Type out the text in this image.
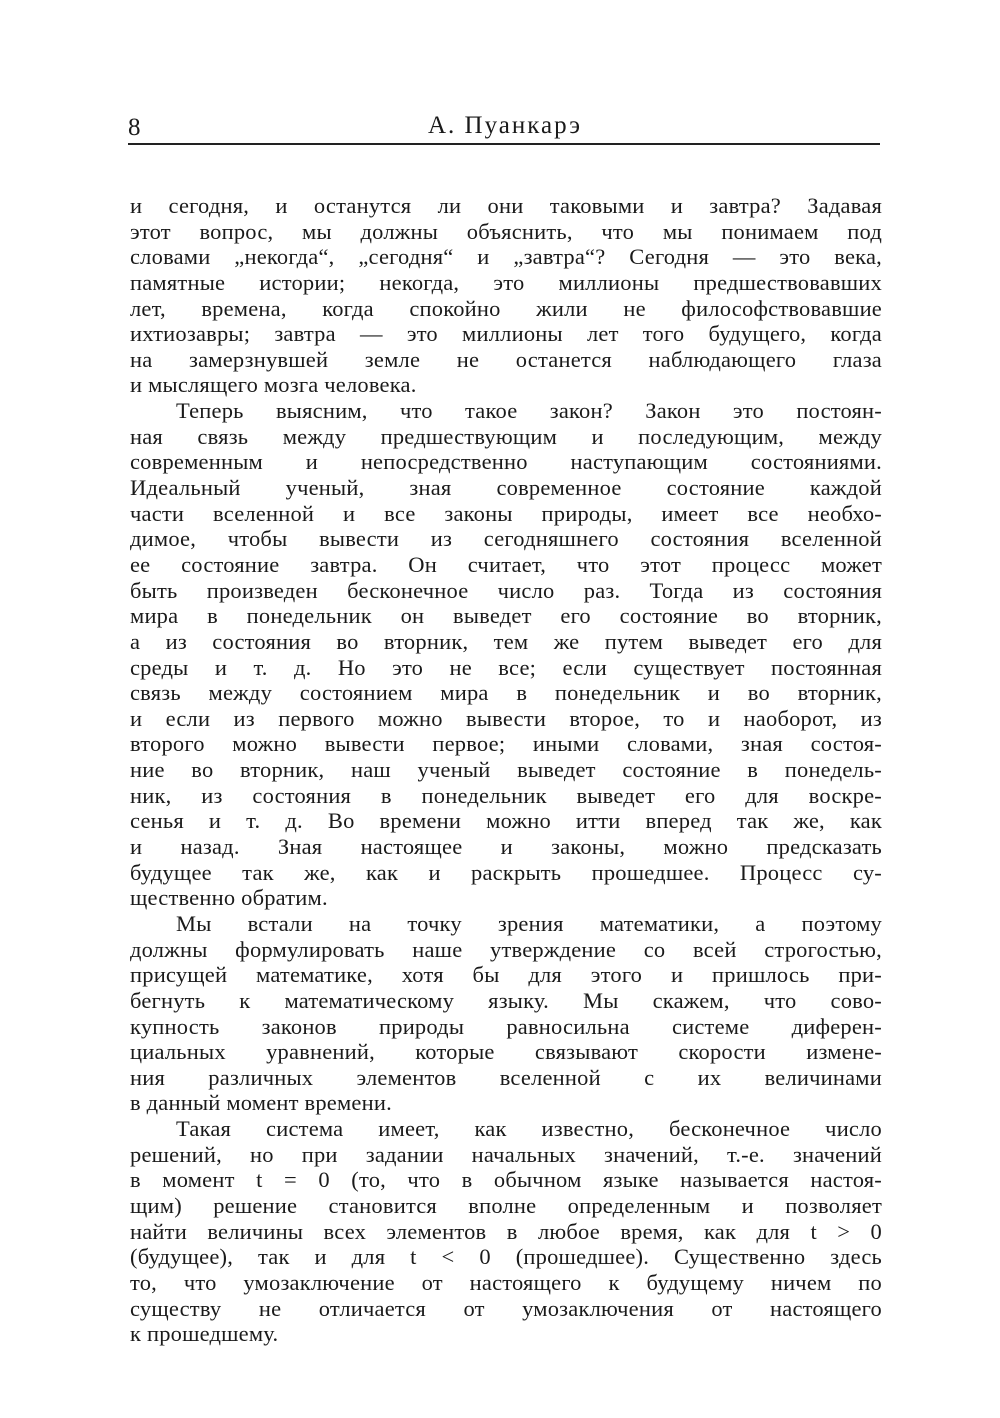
8	А. Пуанкарэ
и сегодня, и останутся ли они таковыми и завтра? Задавая
этот вопрос, мы должны объяснить, что мы понимаем под
словами „некогда“, „сегодня“ и „завтра“? Сегодня — это века,
памятные истории; некогда, это миллионы предшествовавших
лет, времена, когда спокойно жили не философствовавшие
ихтиозавры; завтра — это миллионы лет того будущего, когда
на замерзнувшей земле не останется наблюдающего глаза
и мыслящего мозга человека.
Теперь выясним, что такое закон? Закон это постоян-
ная связь между предшествующим и последующим, между
современным и непосредственно наступающим состояниями.
Идеальный ученый, зная современное состояние каждой
части вселенной и все законы природы, имеет все необхо-
димое, чтобы вывести из сегодняшнего состояния вселенной
ее состояние завтра. Он считает, что этот процесс может
быть произведен бесконечное число раз. Тогда из состояния
мира в понедельник он выведет его состояние во вторник,
а из состояния во вторник, тем же путем выведет его для
среды и т. д. Но это не все; если существует постоянная
связь между состоянием мира в понедельник и во вторник,
и если из первого можно вывести второе, то и наоборот, из
второго можно вывести первое; иными словами, зная состоя-
ние во вторник, наш ученый выведет состояние в понедель-
ник, из состояния в понедельник выведет его для воскре-
сенья и т. д. Во времени можно итти вперед так же, как
и назад. Зная настоящее и законы, можно предсказать
будущее так же, как и раскрыть прошедшее. Процесс су-
щественно обратим.
Мы встали на точку зрения математики, а поэтому
должны формулировать наше утверждение со всей строгостью,
присущей математике, хотя бы для этого и пришлось при-
бегнуть к математическому языку. Мы скажем, что сово-
купность законов природы равносильна системе диферен-
циальных уравнений, которые связывают скорости измене-
ния различных элементов вселенной с их величинами
в данный момент времени.
Такая система имеет, как известно, бесконечное число
решений, но при задании начальных значений, т.-е. значений
в момент t = 0 (то, что в обычном языке называется настоя-
щим) решение становится вполне определенным и позволяет
найти величины всех элементов в любое время, как для t > 0
(будущее), так и для t < 0 (прошедшее). Существенно здесь
то, что умозаключение от настоящего к будущему ничем по
существу не отличается от умозаключения от настоящего
к прошедшему.
